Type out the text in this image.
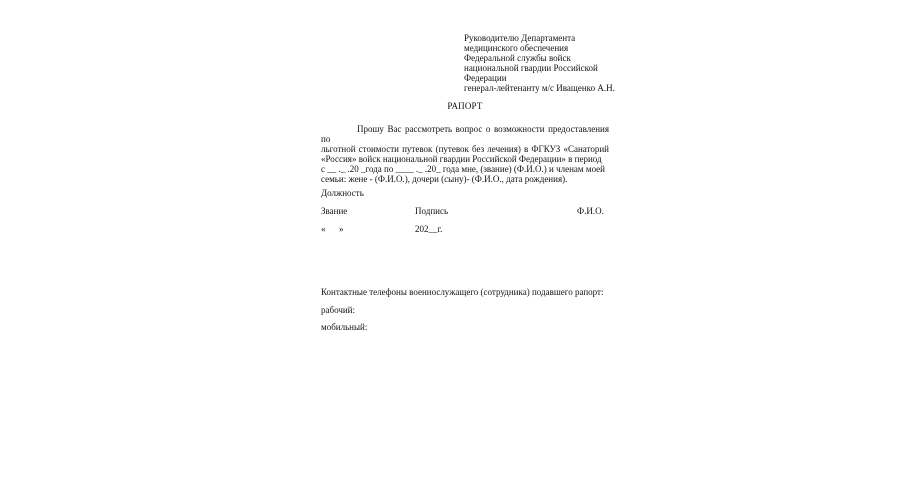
Руководителю Департамента
медицинского обеспечения
Федеральной службы войск
национальной гвардии Российской
Федерации
генерал-лейтенанту м/с Иващенко А.Н.
РАПОРТ
Прошу Вас рассмотреть вопрос о возможности предоставления по
льготной стоимости путевок (путевок без лечения) в ФГКУЗ «Санаторий
«Россия» войск национальной гвардии Российской Федерации» в период
с __ ._ .20 _года по ____ ._ .20_ года мне, (звание) (Ф.И.О.) и членам моей
семьи: жене - (Ф.И.О.), дочери (сыну)- (Ф.И.О., дата рождения).
Должность
Звание	Подпись	Ф.И.О.
«      »	202__г.
Контактные телефоны военнослужащего (сотрудника) подавшего рапорт:
рабочий:
мобильный:
